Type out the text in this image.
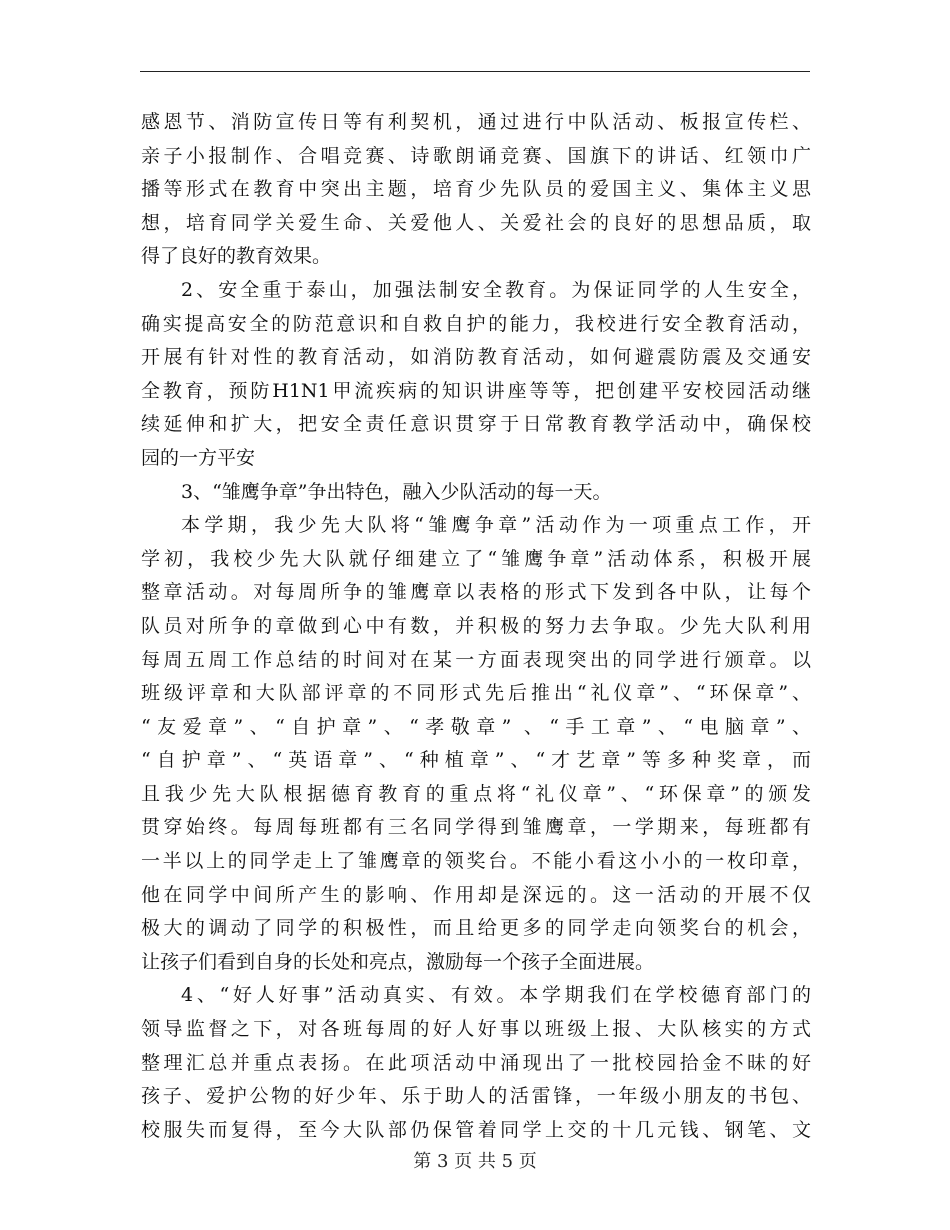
感恩节、消防宣传日等有利契机，通过进行中队活动、板报宣传栏、
亲子小报制作、合唱竞赛、诗歌朗诵竞赛、国旗下的讲话、红领巾广
播等形式在教育中突出主题，培育少先队员的爱国主义、集体主义思
想，培育同学关爱生命、关爱他人、关爱社会的良好的思想品质，取
得了良好的教育效果。
2、安全重于泰山，加强法制安全教育。为保证同学的人生安全，
确实提高安全的防范意识和自救自护的能力，我校进行安全教育活动，
开展有针对性的教育活动，如消防教育活动，如何避震防震及交通安
全教育，预防H1N1甲流疾病的知识讲座等等，把创建平安校园活动继
续延伸和扩大，把安全责任意识贯穿于日常教育教学活动中，确保校
园的一方平安
3、“雏鹰争章”争出特色，融入少队活动的每一天。
本学期，我少先大队将“雏鹰争章”活动作为一项重点工作，开
学初，我校少先大队就仔细建立了“雏鹰争章”活动体系，积极开展
整章活动。对每周所争的雏鹰章以表格的形式下发到各中队，让每个
队员对所争的章做到心中有数，并积极的努力去争取。少先大队利用
每周五周工作总结的时间对在某一方面表现突出的同学进行颁章。以
班级评章和大队部评章的不同形式先后推出“礼仪章”、“环保章”、
“友爱章”、“自护章”、“孝敬章” 、“手工章”、“电脑章”、
“自护章”、“英语章”、“种植章”、“才艺章”等多种奖章，而
且我少先大队根据德育教育的重点将“礼仪章”、“环保章”的颁发
贯穿始终。每周每班都有三名同学得到雏鹰章，一学期来，每班都有
一半以上的同学走上了雏鹰章的领奖台。不能小看这小小的一枚印章，
他在同学中间所产生的影响、作用却是深远的。这一活动的开展不仅
极大的调动了同学的积极性，而且给更多的同学走向领奖台的机会，
让孩子们看到自身的长处和亮点，激励每一个孩子全面进展。
4、“好人好事”活动真实、有效。本学期我们在学校德育部门的
领导监督之下，对各班每周的好人好事以班级上报、大队核实的方式
整理汇总并重点表扬。在此项活动中涌现出了一批校园拾金不昧的好
孩子、爱护公物的好少年、乐于助人的活雷锋，一年级小朋友的书包、
校服失而复得，至今大队部仍保管着同学上交的十几元钱、钢笔、文
第 3 页 共 5 页
